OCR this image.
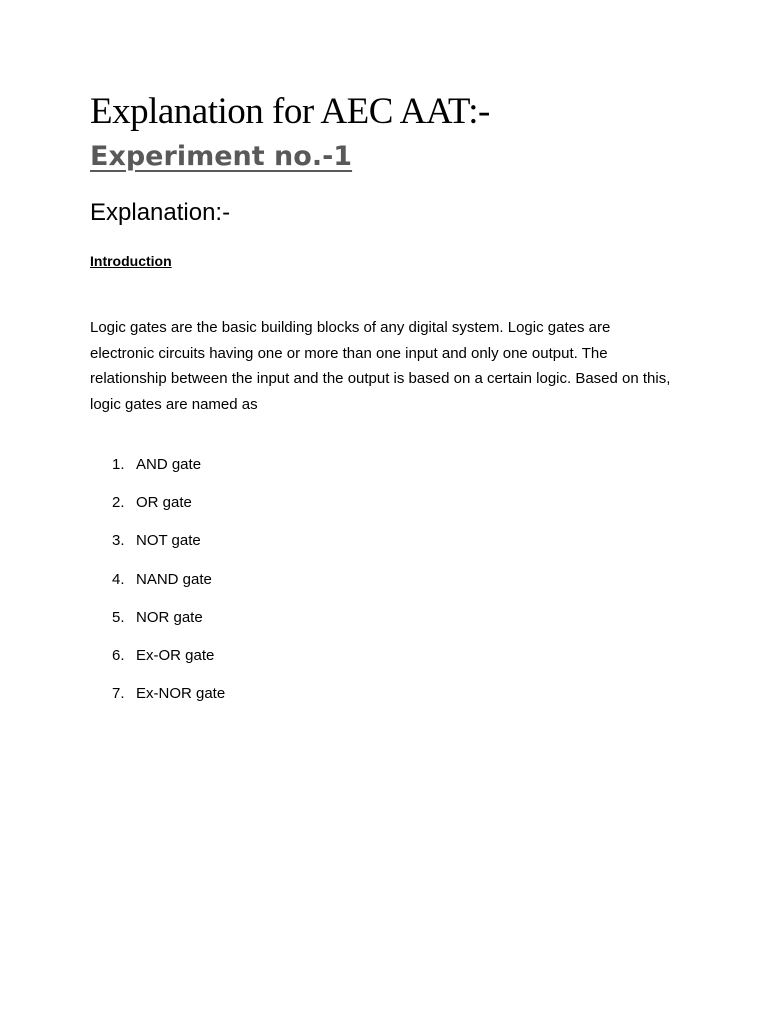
Explanation for AEC AAT:-
Experiment no.-1
Explanation:-
Introduction

Logic gates are the basic building blocks of any digital system. Logic gates are electronic circuits having one or more than one input and only one output. The relationship between the input and the output is based on a certain logic. Based on this, logic gates are named as

1. AND gate
2. OR gate
3. NOT gate
4. NAND gate
5. NOR gate
6. Ex-OR gate
7. Ex-NOR gate
